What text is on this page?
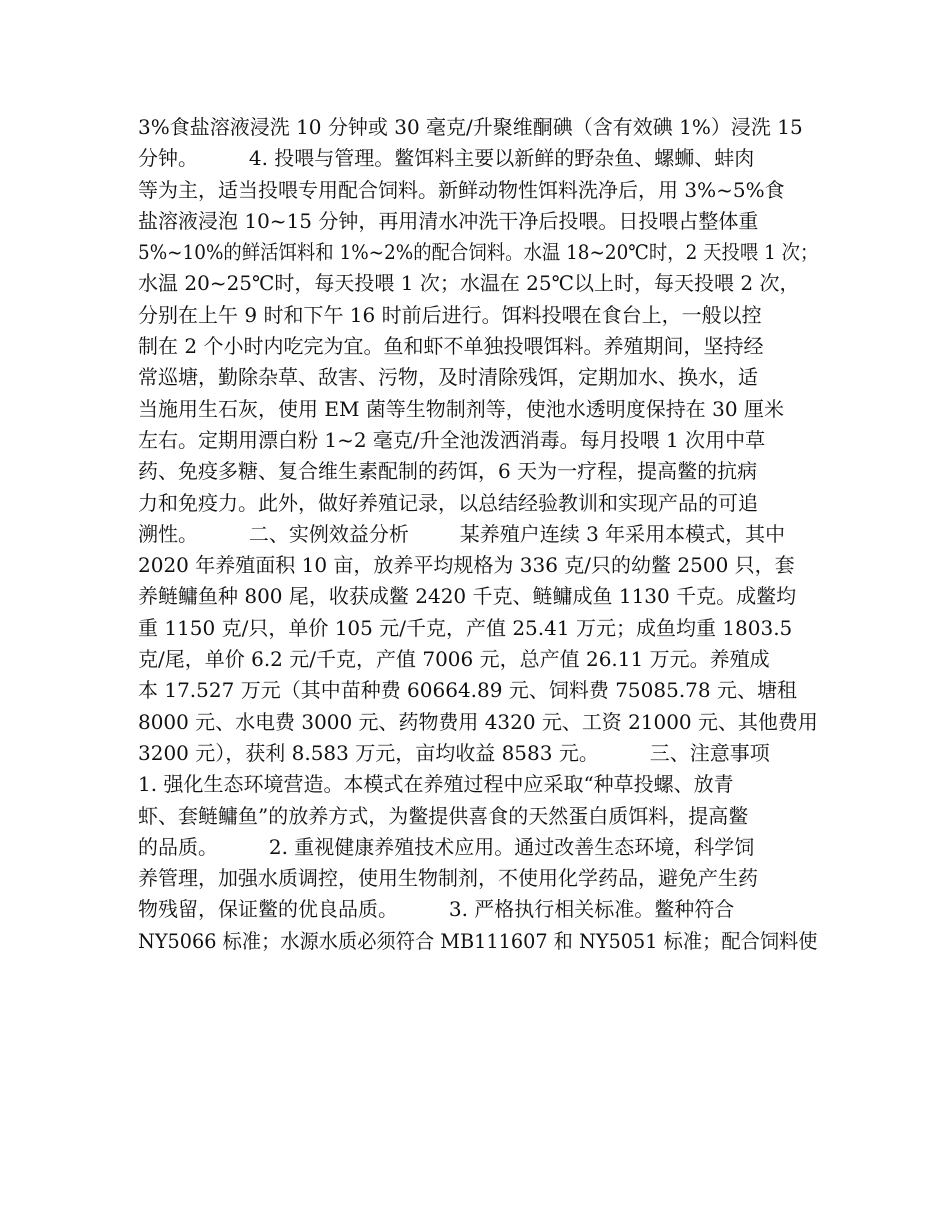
3%食盐溶液浸洗 10 分钟或 30 毫克/升聚维酮碘（含有效碘 1%）浸洗 15
分钟。        4. 投喂与管理。鳖饵料主要以新鲜的野杂鱼、螺蛳、蚌肉
等为主，适当投喂专用配合饲料。新鲜动物性饵料洗净后，用 3%~5%食
盐溶液浸泡 10~15 分钟，再用清水冲洗干净后投喂。日投喂占整体重
5%~10%的鲜活饵料和 1%~2%的配合饲料。水温 18~20℃时，2 天投喂 1 次；
水温 20~25℃时，每天投喂 1 次；水温在 25℃以上时，每天投喂 2 次，
分别在上午 9 时和下午 16 时前后进行。饵料投喂在食台上，一般以控
制在 2 个小时内吃完为宜。鱼和虾不单独投喂饵料。养殖期间，坚持经
常巡塘，勤除杂草、敌害、污物，及时清除残饵，定期加水、换水，适
当施用生石灰，使用 EM 菌等生物制剂等，使池水透明度保持在 30 厘米
左右。定期用漂白粉 1~2 毫克/升全池泼洒消毒。每月投喂 1 次用中草
药、免疫多糖、复合维生素配制的药饵，6 天为一疗程，提高鳖的抗病
力和免疫力。此外，做好养殖记录，以总结经验教训和实现产品的可追
溯性。        二、实例效益分析        某养殖户连续 3 年采用本模式，其中
2020 年养殖面积 10 亩，放养平均规格为 336 克/只的幼鳖 2500 只，套
养鲢鳙鱼种 800 尾，收获成鳖 2420 千克、鲢鳙成鱼 1130 千克。成鳖均
重 1150 克/只，单价 105 元/千克，产值 25.41 万元；成鱼均重 1803.5
克/尾，单价 6.2 元/千克，产值 7006 元，总产值 26.11 万元。养殖成
本 17.527 万元（其中苗种费 60664.89 元、饲料费 75085.78 元、塘租
8000 元、水电费 3000 元、药物费用 4320 元、工资 21000 元、其他费用
3200 元），获利 8.583 万元，亩均收益 8583 元。        三、注意事项
1. 强化生态环境营造。本模式在养殖过程中应采取“种草投螺、放青
虾、套鲢鳙鱼”的放养方式，为鳖提供喜食的天然蛋白质饵料，提高鳖
的品质。        2. 重视健康养殖技术应用。通过改善生态环境，科学饲
养管理，加强水质调控，使用生物制剂，不使用化学药品，避免产生药
物残留，保证鳖的优良品质。        3. 严格执行相关标准。鳖种符合
NY5066 标准；水源水质必须符合 MB111607 和 NY5051 标准；配合饲料使
